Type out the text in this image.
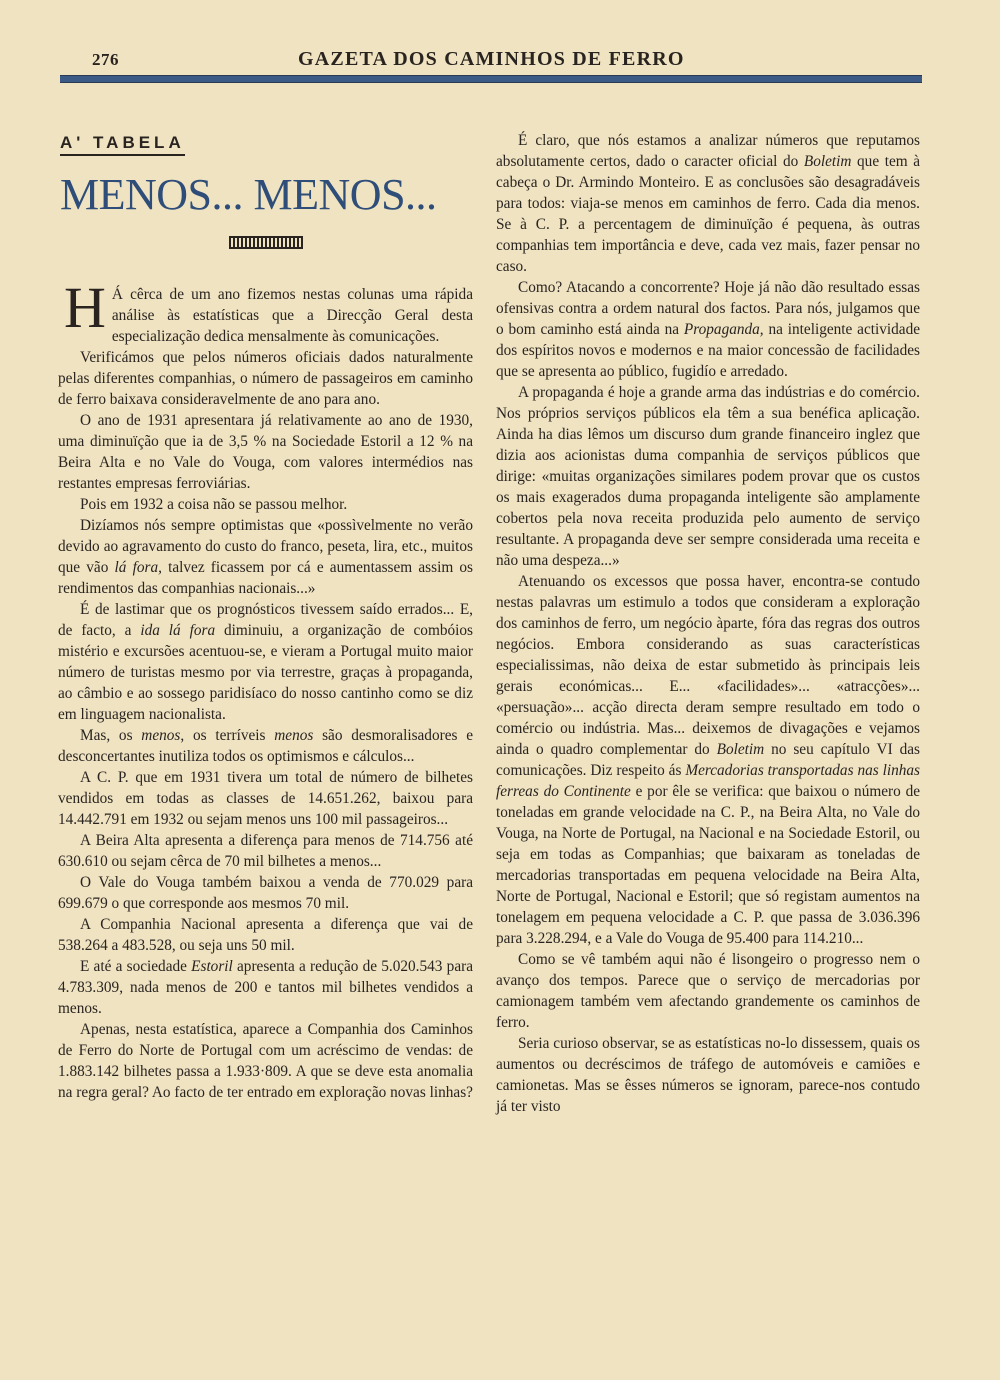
276	GAZETA DOS CAMINHOS DE FERRO
A' TABELA
MENOS... MENOS...

H Á cêrca de um ano fizemos nestas colunas uma rápida análise às estatísticas que a Direcção Geral desta especialização dedica mensalmente às comunicações.

Verificámos que pelos números oficiais dados naturalmente pelas diferentes companhias, o número de passageiros em caminho de ferro baixava consideravelmente de ano para ano.

O ano de 1931 apresentara já relativamente ao ano de 1930, uma diminuïção que ia de 3,5 % na Sociedade Estoril a 12 % na Beira Alta e no Vale do Vouga, com valores intermédios nas restantes empresas ferroviárias.

Pois em 1932 a coisa não se passou melhor.

Dizíamos nós sempre optimistas que «possìvelmente no verão devido ao agravamento do custo do franco, peseta, lira, etc., muitos que vão lá fora, talvez ficassem por cá e aumentassem assim os rendimentos das companhias nacionais...»

É de lastimar que os prognósticos tivessem saído errados... E, de facto, a ida lá fora diminuiu, a organização de combóios mistério e excursões acentuou-se, e vieram a Portugal muito maior número de turistas mesmo por via terrestre, graças à propaganda, ao câmbio e ao sossego paridisíaco do nosso cantinho como se diz em linguagem nacionalista.

Mas, os menos, os terríveis menos são desmoralisadores e desconcertantes inutiliza todos os optimismos e cálculos...

A C. P. que em 1931 tivera um total de número de bilhetes vendidos em todas as classes de 14.651.262, baixou para 14.442.791 em 1932 ou sejam menos uns 100 mil passageiros...

A Beira Alta apresenta a diferença para menos de 714.756 até 630.610 ou sejam cêrca de 70 mil bilhetes a menos...

O Vale do Vouga também baixou a venda de 770.029 para 699.679 o que corresponde aos mesmos 70 mil.

A Companhia Nacional apresenta a diferença que vai de 538.264 a 483.528, ou seja uns 50 mil.

E até a sociedade Estoril apresenta a redução de 5.020.543 para 4.783.309, nada menos de 200 e tantos mil bilhetes vendidos a menos.

Apenas, nesta estatística, aparece a Companhia dos Caminhos de Ferro do Norte de Portugal com um acréscimo de vendas: de 1.883.142 bilhetes passa a 1.933·809. A que se deve esta anomalia na regra geral? Ao facto de ter entrado em exploração novas linhas?

É claro, que nós estamos a analizar números que reputamos absolutamente certos, dado o caracter oficial do Boletim que tem à cabeça o Dr. Armindo Monteiro. E as conclusões são desagradáveis para todos: viaja-se menos em caminhos de ferro. Cada dia menos. Se à C. P. a percentagem de diminuïção é pequena, às outras companhias tem importância e deve, cada vez mais, fazer pensar no caso.

Como? Atacando a concorrente? Hoje já não dão resultado essas ofensivas contra a ordem natural dos factos. Para nós, julgamos que o bom caminho está ainda na Propaganda, na inteligente actividade dos espíritos novos e modernos e na maior concessão de facilidades que se apresenta ao público, fugidío e arredado.

A propaganda é hoje a grande arma das indústrias e do comércio. Nos próprios serviços públicos ela têm a sua benéfica aplicação. Ainda ha dias lêmos um discurso dum grande financeiro inglez que dizia aos acionistas duma companhia de serviços públicos que dirige: «muitas organizações similares podem provar que os custos os mais exagerados duma propaganda inteligente são amplamente cobertos pela nova receita produzida pelo aumento de serviço resultante. A propaganda deve ser sempre considerada uma receita e não uma despeza...»

Atenuando os excessos que possa haver, encontra-se contudo nestas palavras um estimulo a todos que consideram a exploração dos caminhos de ferro, um negócio àparte, fóra das regras dos outros negócios. Embora considerando as suas características especialissimas, não deixa de estar submetido às principais leis gerais económicas... E... «facilidades»... «atracções»... «persuação»... acção directa deram sempre resultado em todo o comércio ou indústria. Mas... deixemos de divagações e vejamos ainda o quadro complementar do Boletim no seu capítulo VI das comunicações. Diz respeito ás Mercadorias transportadas nas linhas ferreas do Continente e por êle se verifica: que baixou o número de toneladas em grande velocidade na C. P., na Beira Alta, no Vale do Vouga, na Norte de Portugal, na Nacional e na Sociedade Estoril, ou seja em todas as Companhias; que baixaram as toneladas de mercadorias transportadas em pequena velocidade na Beira Alta, Norte de Portugal, Nacional e Estoril; que só registam aumentos na tonelagem em pequena velocidade a C. P. que passa de 3.036.396 para 3.228.294, e a Vale do Vouga de 95.400 para 114.210...

Como se vê também aqui não é lisongeiro o progresso nem o avanço dos tempos. Parece que o serviço de mercadorias por camionagem também vem afectando grandemente os caminhos de ferro.

Seria curioso observar, se as estatísticas no-lo dissessem, quais os aumentos ou decréscimos de tráfego de automóveis e camiões e camionetas. Mas se êsses números se ignoram, parece-nos contudo já ter visto
